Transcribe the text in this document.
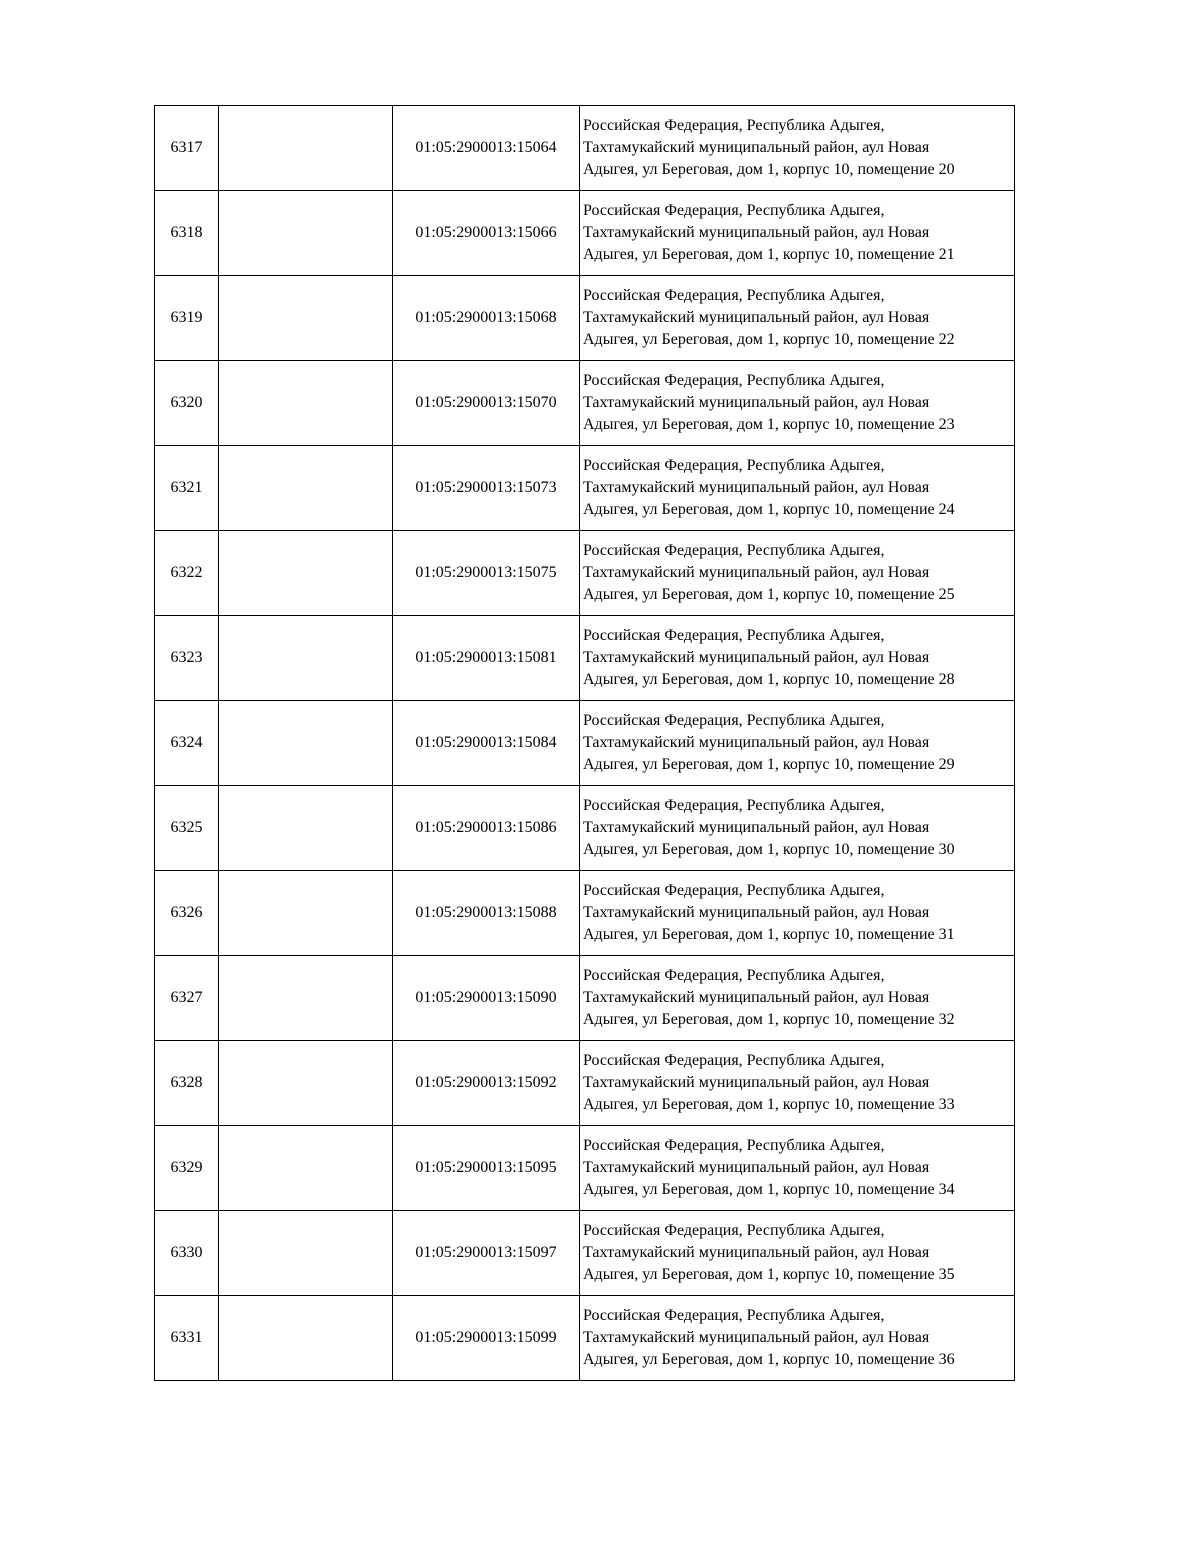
6317		01:05:2900013:15064	Российская Федерация, Республика Адыгея,
Тахтамукайский муниципальный район, аул Новая
Адыгея, ул Береговая, дом 1, корпус 10, помещение 20

6318		01:05:2900013:15066	Российская Федерация, Республика Адыгея,
Тахтамукайский муниципальный район, аул Новая
Адыгея, ул Береговая, дом 1, корпус 10, помещение 21

6319		01:05:2900013:15068	Российская Федерация, Республика Адыгея,
Тахтамукайский муниципальный район, аул Новая
Адыгея, ул Береговая, дом 1, корпус 10, помещение 22

6320		01:05:2900013:15070	Российская Федерация, Республика Адыгея,
Тахтамукайский муниципальный район, аул Новая
Адыгея, ул Береговая, дом 1, корпус 10, помещение 23

6321		01:05:2900013:15073	Российская Федерация, Республика Адыгея,
Тахтамукайский муниципальный район, аул Новая
Адыгея, ул Береговая, дом 1, корпус 10, помещение 24

6322		01:05:2900013:15075	Российская Федерация, Республика Адыгея,
Тахтамукайский муниципальный район, аул Новая
Адыгея, ул Береговая, дом 1, корпус 10, помещение 25

6323		01:05:2900013:15081	Российская Федерация, Республика Адыгея,
Тахтамукайский муниципальный район, аул Новая
Адыгея, ул Береговая, дом 1, корпус 10, помещение 28

6324		01:05:2900013:15084	Российская Федерация, Республика Адыгея,
Тахтамукайский муниципальный район, аул Новая
Адыгея, ул Береговая, дом 1, корпус 10, помещение 29

6325		01:05:2900013:15086	Российская Федерация, Республика Адыгея,
Тахтамукайский муниципальный район, аул Новая
Адыгея, ул Береговая, дом 1, корпус 10, помещение 30

6326		01:05:2900013:15088	Российская Федерация, Республика Адыгея,
Тахтамукайский муниципальный район, аул Новая
Адыгея, ул Береговая, дом 1, корпус 10, помещение 31

6327		01:05:2900013:15090	Российская Федерация, Республика Адыгея,
Тахтамукайский муниципальный район, аул Новая
Адыгея, ул Береговая, дом 1, корпус 10, помещение 32

6328		01:05:2900013:15092	Российская Федерация, Республика Адыгея,
Тахтамукайский муниципальный район, аул Новая
Адыгея, ул Береговая, дом 1, корпус 10, помещение 33

6329		01:05:2900013:15095	Российская Федерация, Республика Адыгея,
Тахтамукайский муниципальный район, аул Новая
Адыгея, ул Береговая, дом 1, корпус 10, помещение 34

6330		01:05:2900013:15097	Российская Федерация, Республика Адыгея,
Тахтамукайский муниципальный район, аул Новая
Адыгея, ул Береговая, дом 1, корпус 10, помещение 35

6331		01:05:2900013:15099	Российская Федерация, Республика Адыгея,
Тахтамукайский муниципальный район, аул Новая
Адыгея, ул Береговая, дом 1, корпус 10, помещение 36
